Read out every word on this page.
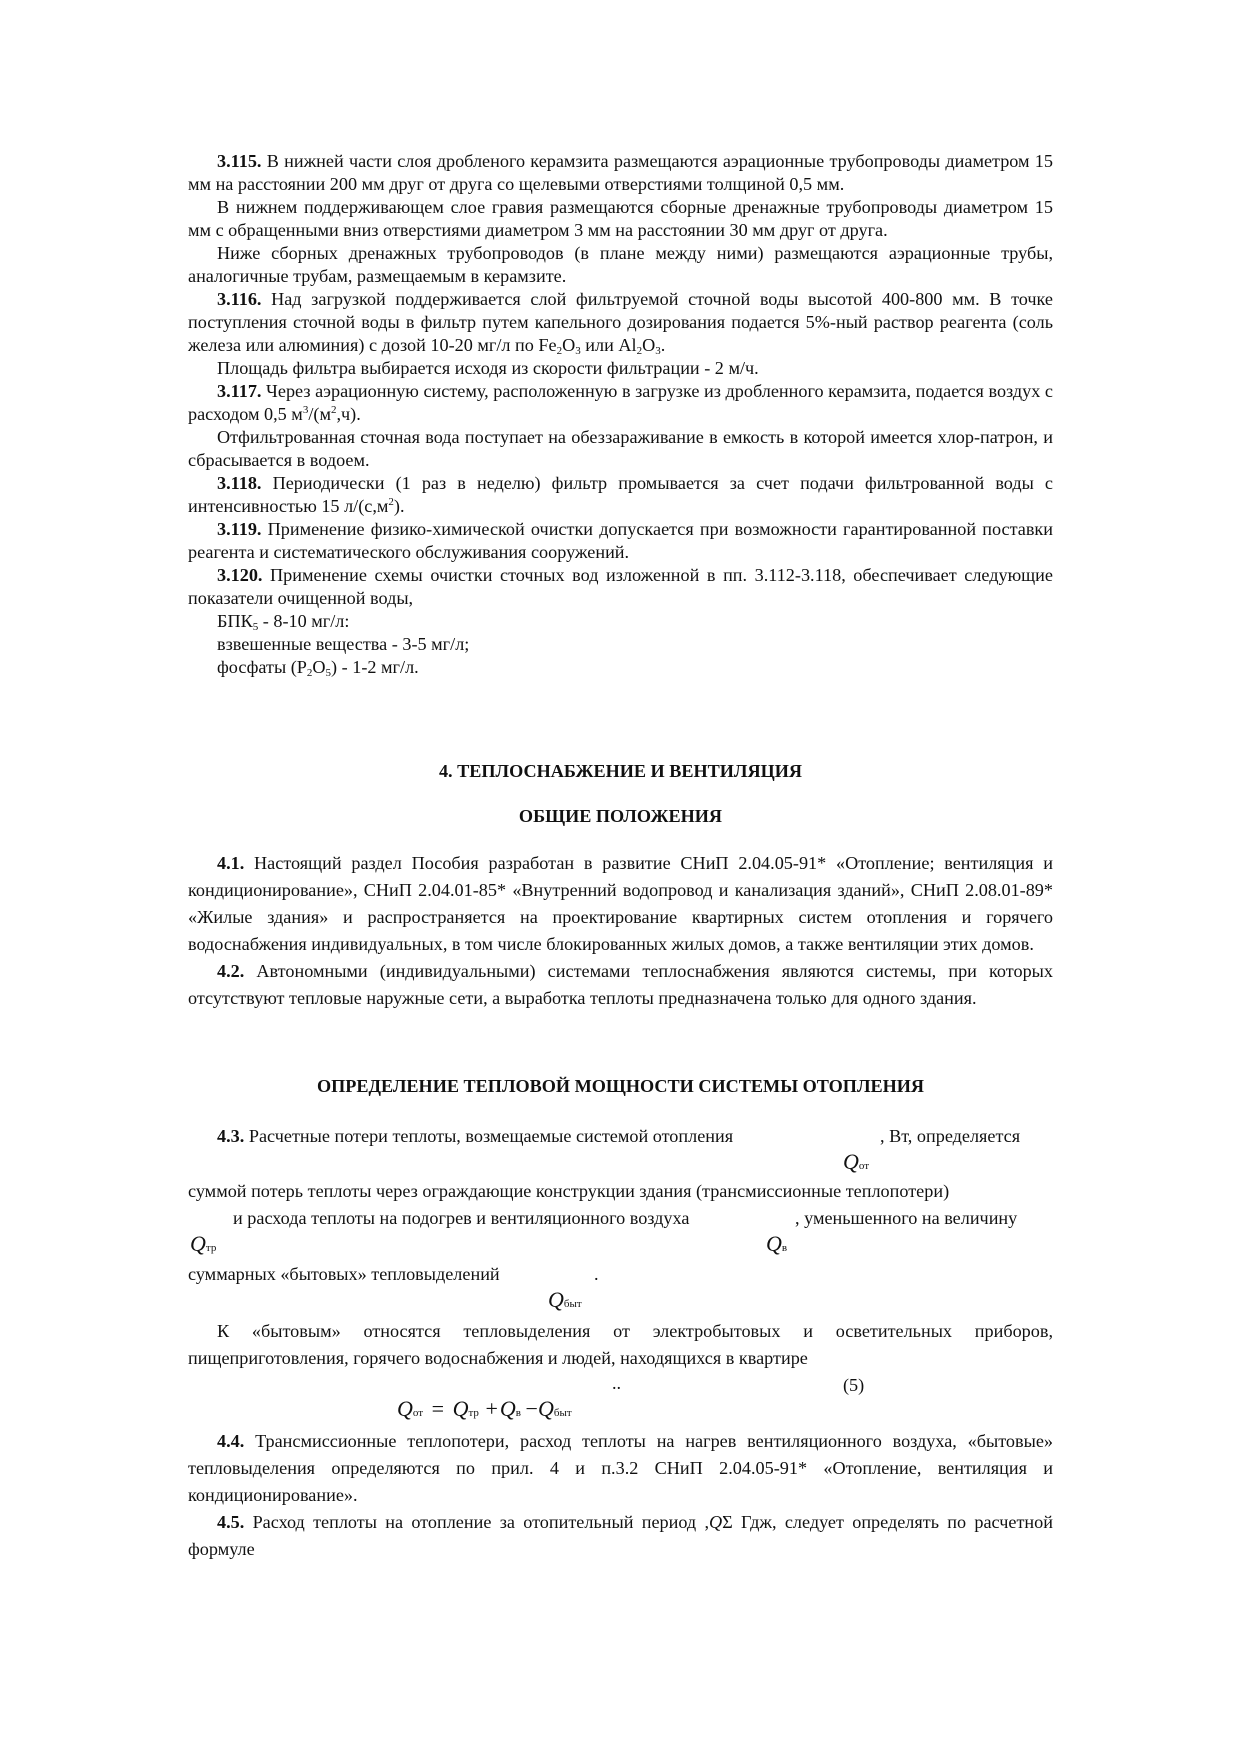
3.115. В нижней части слоя дробленого керамзита размещаются аэрационные трубопроводы диаметром 15 мм на расстоянии 200 мм друг от друга со щелевыми отверстиями толщиной 0,5 мм.

В нижнем поддерживающем слое гравия размещаются сборные дренажные трубопроводы диаметром 15 мм с обращенными вниз отверстиями диаметром 3 мм на расстоянии 30 мм друг от друга.

Ниже сборных дренажных трубопроводов (в плане между ними) размещаются аэрационные трубы, аналогичные трубам, размещаемым в керамзите.

3.116. Над загрузкой поддерживается слой фильтруемой сточной воды высотой 400-800 мм. В точке поступления сточной воды в фильтр путем капельного дозирования подается 5%-ный раствор реагента (соль железа или алюминия) с дозой 10-20 мг/л по $Fe_2O_3$ или $Al_2O_3$.

Площадь фильтра выбирается исходя из скорости фильтрации - 2 м/ч.

3.117. Через аэрационную систему, расположенную в загрузке из дробленного керамзита, подается воздух с расходом 0,5 $м^3/(м^2,ч)$.

Отфильтрованная сточная вода поступает на обеззараживание в емкость в которой имеется хлор-патрон, и сбрасывается в водоем.

3.118. Периодически (1 раз в неделю) фильтр промывается за счет подачи фильтрованной воды с интенсивностью 15 $л/(с,м^2)$.

3.119. Применение физико-химической очистки допускается при возможности гарантированной поставки реагента и систематического обслуживания сооружений.

3.120. Применение схемы очистки сточных вод изложенной в пп. 3.112-3.118, обеспечивает следующие показатели очищенной воды,

$БПК_5 - 8-10$ мг/л:

взвешенные вещества - 3-5 мг/л;

фосфаты $(P_2O_5) - 1-2$ мг/л.

4. ТЕПЛОСНАБЖЕНИЕ И ВЕНТИЛЯЦИЯ
ОБЩИЕ ПОЛОЖЕНИЯ

4.1. Настоящий раздел Пособия разработан в развитие СНиП 2.04.05-91* «Отопление; вентиляция и кондиционирование», СНиП 2.04.01-85* «Внутренний водопровод и канализация зданий», СНиП 2.08.01-89* «Жилые здания» и распространяется на проектирование квартирных систем отопления и горячего водоснабжения индивидуальных, в том числе блокированных жилых домов, а также вентиляции этих домов.

4.2. Автономными (индивидуальными) системами теплоснабжения являются системы, при которых отсутствуют тепловые наружные сети, а выработка теплоты предназначена только для одного здания.

ОПРЕДЕЛЕНИЕ ТЕПЛОВОЙ МОЩНОСТИ СИСТЕМЫ ОТОПЛЕНИЯ
4.3. Расчетные потери теплоты, возмещаемые системой отопления	, Вт, определяется
Qот
суммой потерь теплоты через ограждающие конструкции здания (трансмиссионные теплопотери)
и расхода теплоты на подогрев и вентиляционного воздуха	, уменьшенного на величину
Qтр	Qв
суммарных «бытовых» тепловыделений	.
Qбыт

К «бытовым» относятся тепловыделения от электробытовых и осветительных приборов, пищеприготовления, горячего водоснабжения и людей, находящихся в квартире

..	(5)
Qот = Qтр +Qв −Qбыт

4.4. Трансмиссионные теплопотери, расход теплоты на нагрев вентиляционного воздуха, «бытовые» тепловыделения определяются по прил. 4 и п.3.2 СНиП 2.04.05-91* «Отопление, вентиляция и кондиционирование».

4.5. Расход теплоты на отопление за отопительный период ,QΣ Гдж, следует определять по расчетной формуле
